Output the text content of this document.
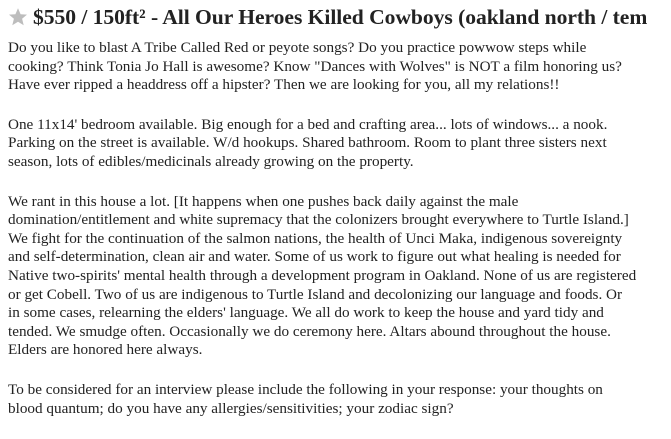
$550 / 150ft² - All Our Heroes Killed Cowboys (oakland north / tem

Do you like to blast A Tribe Called Red or peyote songs? Do you practice powwow steps while
cooking? Think Tonia Jo Hall is awesome? Know "Dances with Wolves" is NOT a film honoring us?
Have ever ripped a headdress off a hipster? Then we are looking for you, all my relations!!

One 11x14' bedroom available. Big enough for a bed and crafting area... lots of windows... a nook.
Parking on the street is available. W/d hookups. Shared bathroom. Room to plant three sisters next
season, lots of edibles/medicinals already growing on the property.

We rant in this house a lot. [It happens when one pushes back daily against the male
domination/entitlement and white supremacy that the colonizers brought everywhere to Turtle Island.]
We fight for the continuation of the salmon nations, the health of Unci Maka, indigenous sovereignty
and self-determination, clean air and water. Some of us work to figure out what healing is needed for
Native two-spirits' mental health through a development program in Oakland. None of us are registered
or get Cobell. Two of us are indigenous to Turtle Island and decolonizing our language and foods. Or
in some cases, relearning the elders' language. We all do work to keep the house and yard tidy and
tended. We smudge often. Occasionally we do ceremony here. Altars abound throughout the house.
Elders are honored here always.

To be considered for an interview please include the following in your response: your thoughts on
blood quantum; do you have any allergies/sensitivities; your zodiac sign?
